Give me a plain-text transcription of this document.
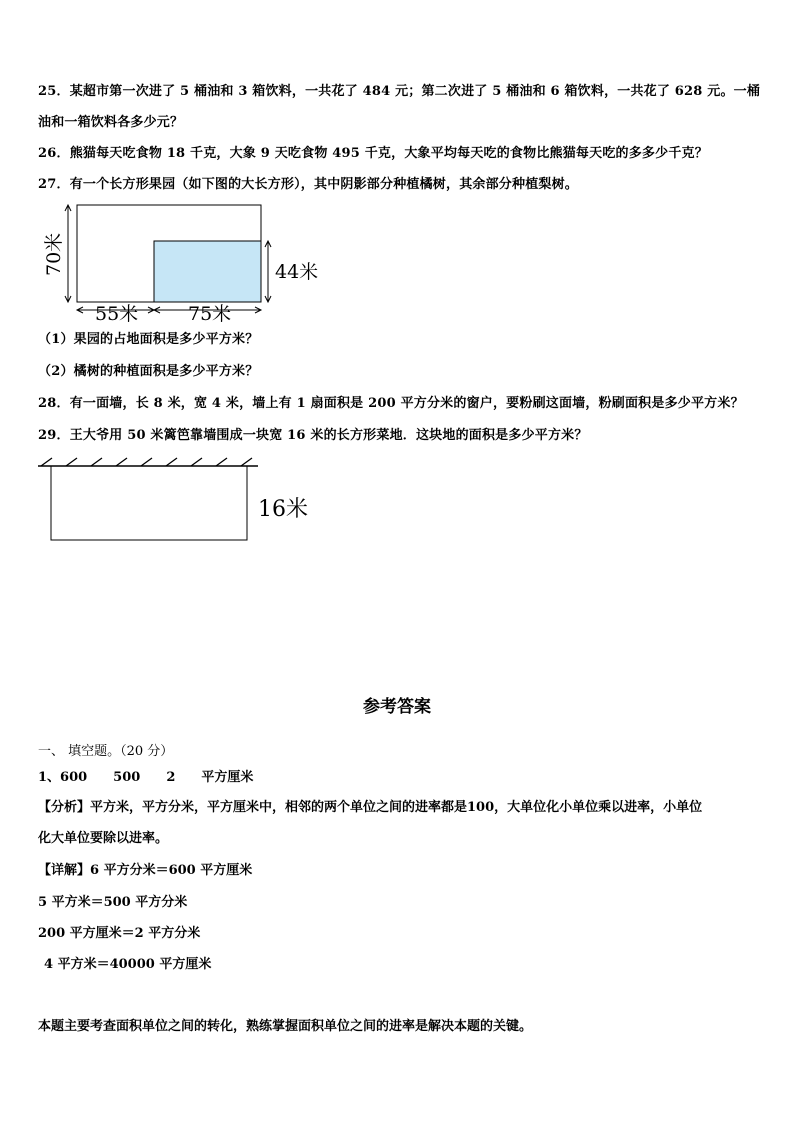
25．某超市第一次进了 5 桶油和 3 箱饮料，一共花了 484 元；第二次进了 5 桶油和 6 箱饮料，一共花了 628 元。一桶
油和一箱饮料各多少元？
26．熊猫每天吃食物 18 千克，大象 9 天吃食物 495 千克，大象平均每天吃的食物比熊猫每天吃的多多少千克？
27．有一个长方形果园（如下图的大长方形），其中阴影部分种植橘树，其余部分种植梨树。
70米	44米
55米	75米
（1）果园的占地面积是多少平方米？
（2）橘树的种植面积是多少平方米？
28．有一面墙，长 8 米，宽 4 米，墙上有 1 扇面积是 200 平方分米的窗户，要粉刷这面墙，粉刷面积是多少平方米？
29．王大爷用 50 米篱笆靠墙围成一块宽 16 米的长方形菜地．这块地的面积是多少平方米？
16米
参考答案
一、 填空题。（20 分）
1、600　　500　　2　　平方厘米
【分析】平方米，平方分米，平方厘米中，相邻的两个单位之间的进率都是100，大单位化小单位乘以进率，小单位
化大单位要除以进率。
【详解】6 平方分米＝600 平方厘米
5 平方米＝500 平方分米
200 平方厘米＝2 平方分米
4 平方米＝40000 平方厘米
本题主要考查面积单位之间的转化，熟练掌握面积单位之间的进率是解决本题的关键。
